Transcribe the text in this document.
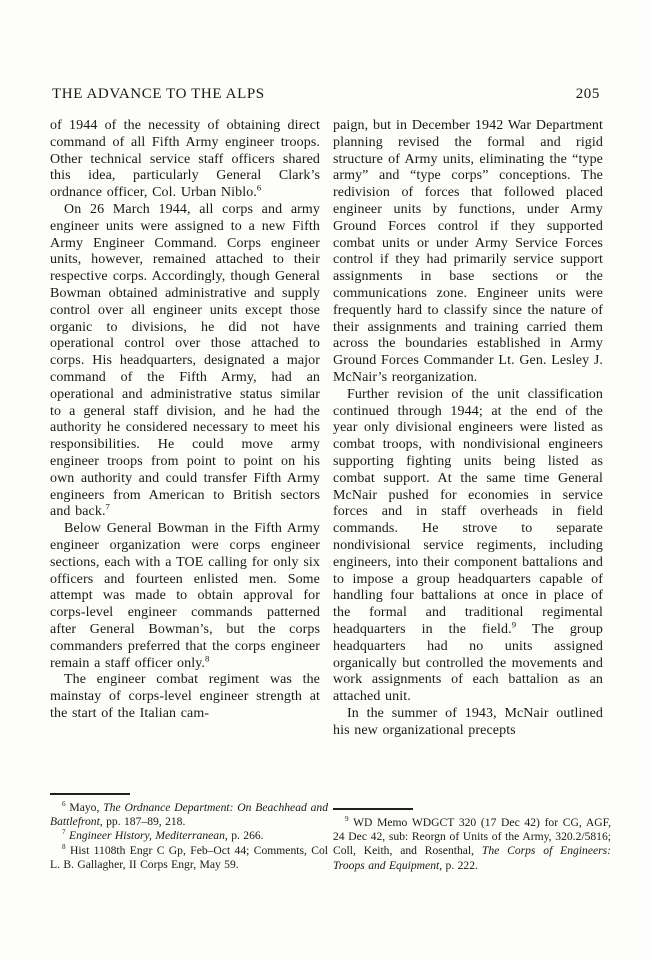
THE ADVANCE TO THE ALPS	205

of 1944 of the necessity of obtaining direct command of all Fifth Army engineer troops. Other technical service staff officers shared this idea, particularly General Clark’s ordnance officer, Col. Urban Niblo.$^6$

On 26 March 1944, all corps and army engineer units were assigned to a new Fifth Army Engineer Command. Corps engineer units, however, remained attached to their respective corps. Accordingly, though General Bowman obtained administrative and supply control over all engineer units except those organic to divisions, he did not have operational control over those attached to corps. His headquarters, designated a major command of the Fifth Army, had an operational and administrative status similar to a general staff division, and he had the authority he considered necessary to meet his responsibilities. He could move army engineer troops from point to point on his own authority and could transfer Fifth Army engineers from American to British sectors and back.$^7$

Below General Bowman in the Fifth Army engineer organization were corps engineer sections, each with a TOE calling for only six officers and fourteen enlisted men. Some attempt was made to obtain approval for corps-level engineer commands patterned after General Bowman’s, but the corps commanders preferred that the corps engineer remain a staff officer only.$^8$

The engineer combat regiment was the mainstay of corps-level engineer strength at the start of the Italian cam-

paign, but in December 1942 War Department planning revised the formal and rigid structure of Army units, eliminating the “type army” and “type corps” conceptions. The redivision of forces that followed placed engineer units by functions, under Army Ground Forces control if they supported combat units or under Army Service Forces control if they had primarily service support assignments in base sections or the communications zone. Engineer units were frequently hard to classify since the nature of their assignments and training carried them across the boundaries established in Army Ground Forces Commander Lt. Gen. Lesley J. McNair’s reorganization.

Further revision of the unit classification continued through 1944; at the end of the year only divisional engineers were listed as combat troops, with nondivisional engineers supporting fighting units being listed as combat support. At the same time General McNair pushed for economies in service forces and in staff overheads in field commands. He strove to separate nondivisional service regiments, including engineers, into their component battalions and to impose a group headquarters capable of handling four battalions at once in place of the formal and traditional regimental headquarters in the field.$^9$ The group headquarters had no units assigned organically but controlled the movements and work assignments of each battalion as an attached unit.

In the summer of 1943, McNair outlined his new organizational precepts

$^6$ Mayo, The Ordnance Department: On Beachhead and Battlefront, pp. 187–89, 218.

$^7$ Engineer History, Mediterranean, p. 266.

$^8$ Hist 1108th Engr C Gp, Feb–Oct 44; Comments, Col L. B. Gallagher, II Corps Engr, May 59.

$^9$ WD Memo WDGCT 320 (17 Dec 42) for CG, AGF, 24 Dec 42, sub: Reorgn of Units of the Army, 320.2/5816; Coll, Keith, and Rosenthal, The Corps of Engineers: Troops and Equipment, p. 222.
